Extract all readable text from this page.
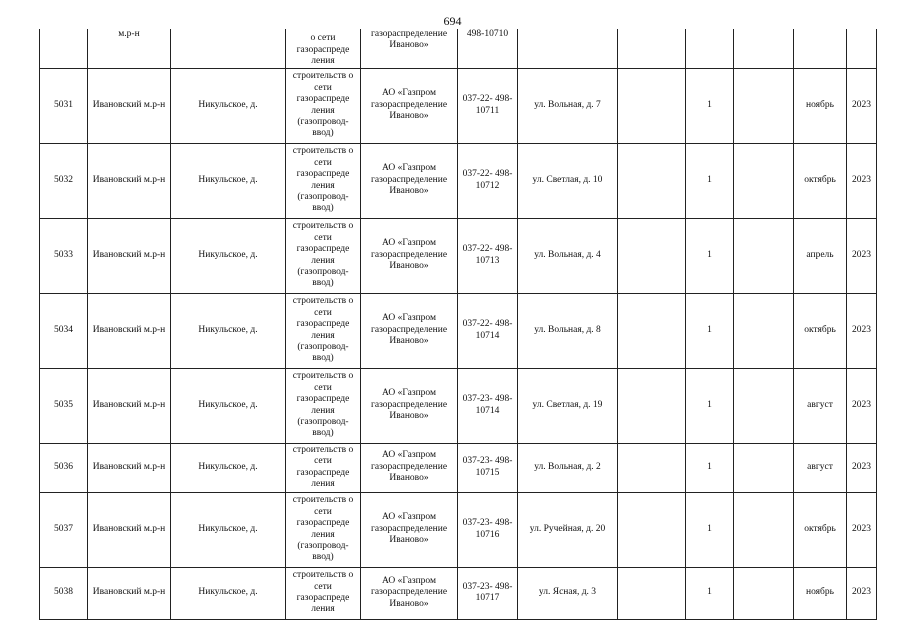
694
	м.р-н		о сети газораспреде ления	газораспределение Иваново»	498-10710						
5031	Ивановский м.р-н	Никульское, д.	строительств о сети газораспреде ления (газопровод- ввод)	АО «Газпром газораспределение Иваново»	037-22- 498-10711	ул. Вольная, д. 7		1		ноябрь	2023
5032	Ивановский м.р-н	Никульское, д.	строительств о сети газораспреде ления (газопровод- ввод)	АО «Газпром газораспределение Иваново»	037-22- 498-10712	ул. Светлая, д. 10		1		октябрь	2023
5033	Ивановский м.р-н	Никульское, д.	строительств о сети газораспреде ления (газопровод- ввод)	АО «Газпром газораспределение Иваново»	037-22- 498-10713	ул. Вольная, д. 4		1		апрель	2023
5034	Ивановский м.р-н	Никульское, д.	строительств о сети газораспреде ления (газопровод- ввод)	АО «Газпром газораспределение Иваново»	037-22- 498-10714	ул. Вольная, д. 8		1		октябрь	2023
5035	Ивановский м.р-н	Никульское, д.	строительств о сети газораспреде ления (газопровод- ввод)	АО «Газпром газораспределение Иваново»	037-23- 498-10714	ул. Светлая, д. 19		1		август	2023
5036	Ивановский м.р-н	Никульское, д.	строительств о сети газораспреде ления	АО «Газпром газораспределение Иваново»	037-23- 498-10715	ул. Вольная, д. 2		1		август	2023
5037	Ивановский м.р-н	Никульское, д.	строительств о сети газораспреде ления (газопровод- ввод)	АО «Газпром газораспределение Иваново»	037-23- 498-10716	ул. Ручейная, д. 20		1		октябрь	2023
5038	Ивановский м.р-н	Никульское, д.	строительств о сети газораспреде ления	АО «Газпром газораспределение Иваново»	037-23- 498-10717	ул. Ясная, д. 3		1		ноябрь	2023
